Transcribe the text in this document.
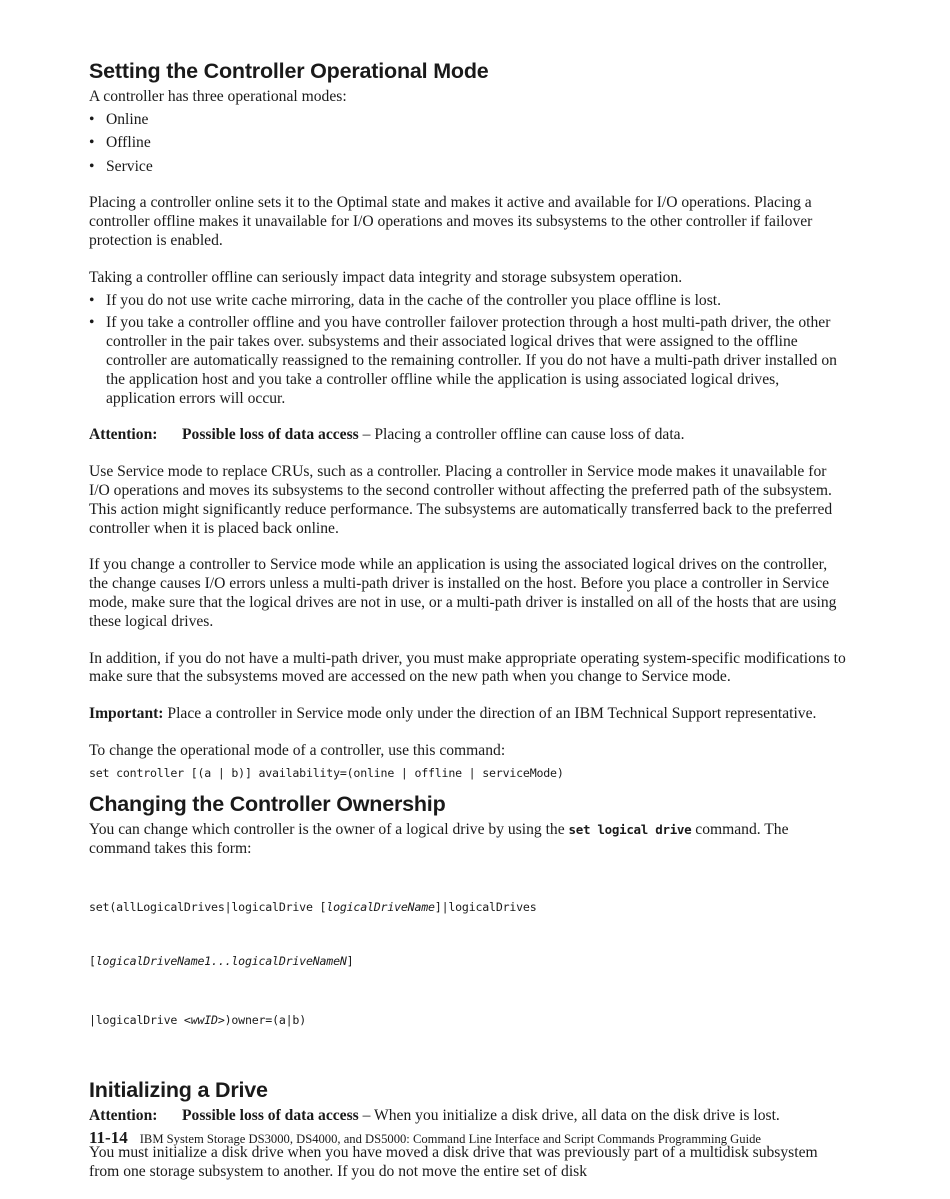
Setting the Controller Operational Mode

A controller has three operational modes:

• Online
• Offline
• Service

Placing a controller online sets it to the Optimal state and makes it active and available for I/O operations. Placing a controller offline makes it unavailable for I/O operations and moves its subsystems to the other controller if failover protection is enabled.

Taking a controller offline can seriously impact data integrity and storage subsystem operation.

• If you do not use write cache mirroring, data in the cache of the controller you place offline is lost.
• If you take a controller offline and you have controller failover protection through a host multi-path driver, the other controller in the pair takes over. subsystems and their associated logical drives that were assigned to the offline controller are automatically reassigned to the remaining controller. If you do not have a multi-path driver installed on the application host and you take a controller offline while the application is using associated logical drives, application errors will occur.

Attention: Possible loss of data access – Placing a controller offline can cause loss of data.

Use Service mode to replace CRUs, such as a controller. Placing a controller in Service mode makes it unavailable for I/O operations and moves its subsystems to the second controller without affecting the preferred path of the subsystem. This action might significantly reduce performance. The subsystems are automatically transferred back to the preferred controller when it is placed back online.

If you change a controller to Service mode while an application is using the associated logical drives on the controller, the change causes I/O errors unless a multi-path driver is installed on the host. Before you place a controller in Service mode, make sure that the logical drives are not in use, or a multi-path driver is installed on all of the hosts that are using these logical drives.

In addition, if you do not have a multi-path driver, you must make appropriate operating system-specific modifications to make sure that the subsystems moved are accessed on the new path when you change to Service mode.

Important: Place a controller in Service mode only under the direction of an IBM Technical Support representative.

To change the operational mode of a controller, use this command:

set controller [(a | b)] availability=(online | offline | serviceMode)

Changing the Controller Ownership

You can change which controller is the owner of a logical drive by using the set logical drive command. The command takes this form:

set(allLogicalDrives|logicalDrive [logicalDriveName]|logicalDrives

[logicalDriveName1...logicalDriveNameN]

|logicalDrive <wwID>)owner=(a|b)

Initializing a Drive

Attention: Possible loss of data access – When you initialize a disk drive, all data on the disk drive is lost.

You must initialize a disk drive when you have moved a disk drive that was previously part of a multidisk subsystem from one storage subsystem to another. If you do not move the entire set of disk

11-14 IBM System Storage DS3000, DS4000, and DS5000: Command Line Interface and Script Commands Programming Guide
